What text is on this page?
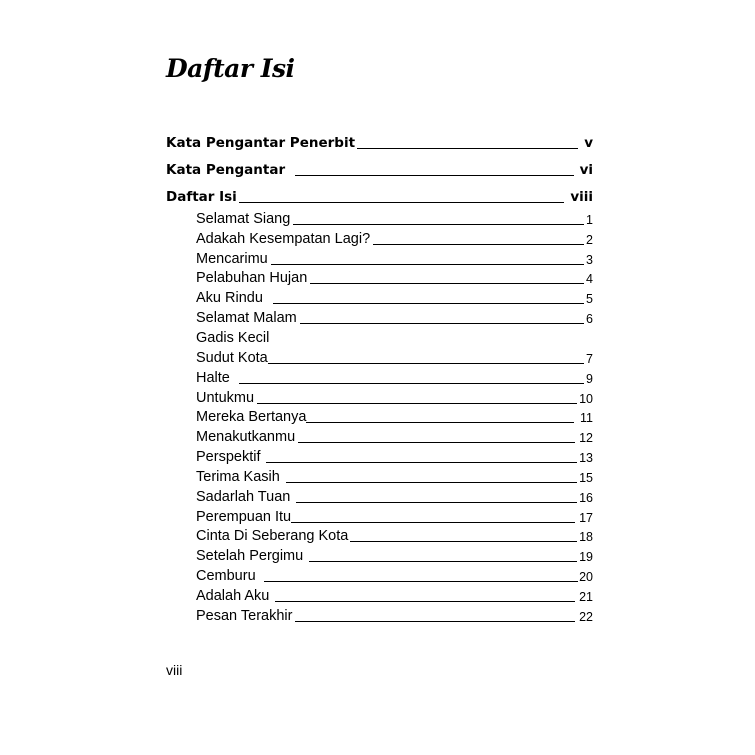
Daftar Isi
Kata Pengantar Penerbit	v
Kata Pengantar	vi
Daftar Isi	viii
Selamat Siang	1
Adakah Kesempatan Lagi?	2
Mencarimu	3
Pelabuhan Hujan	4
Aku Rindu	5
Selamat Malam	6
Gadis Kecil
Sudut Kota	7
Halte	9
Untukmu	10
Mereka Bertanya	11
Menakutkanmu	12
Perspektif	13
Terima Kasih	15
Sadarlah Tuan	16
Perempuan Itu	17
Cinta Di Seberang Kota	18
Setelah Pergimu	19
Cemburu	20
Adalah Aku	21
Pesan Terakhir	22
viii
